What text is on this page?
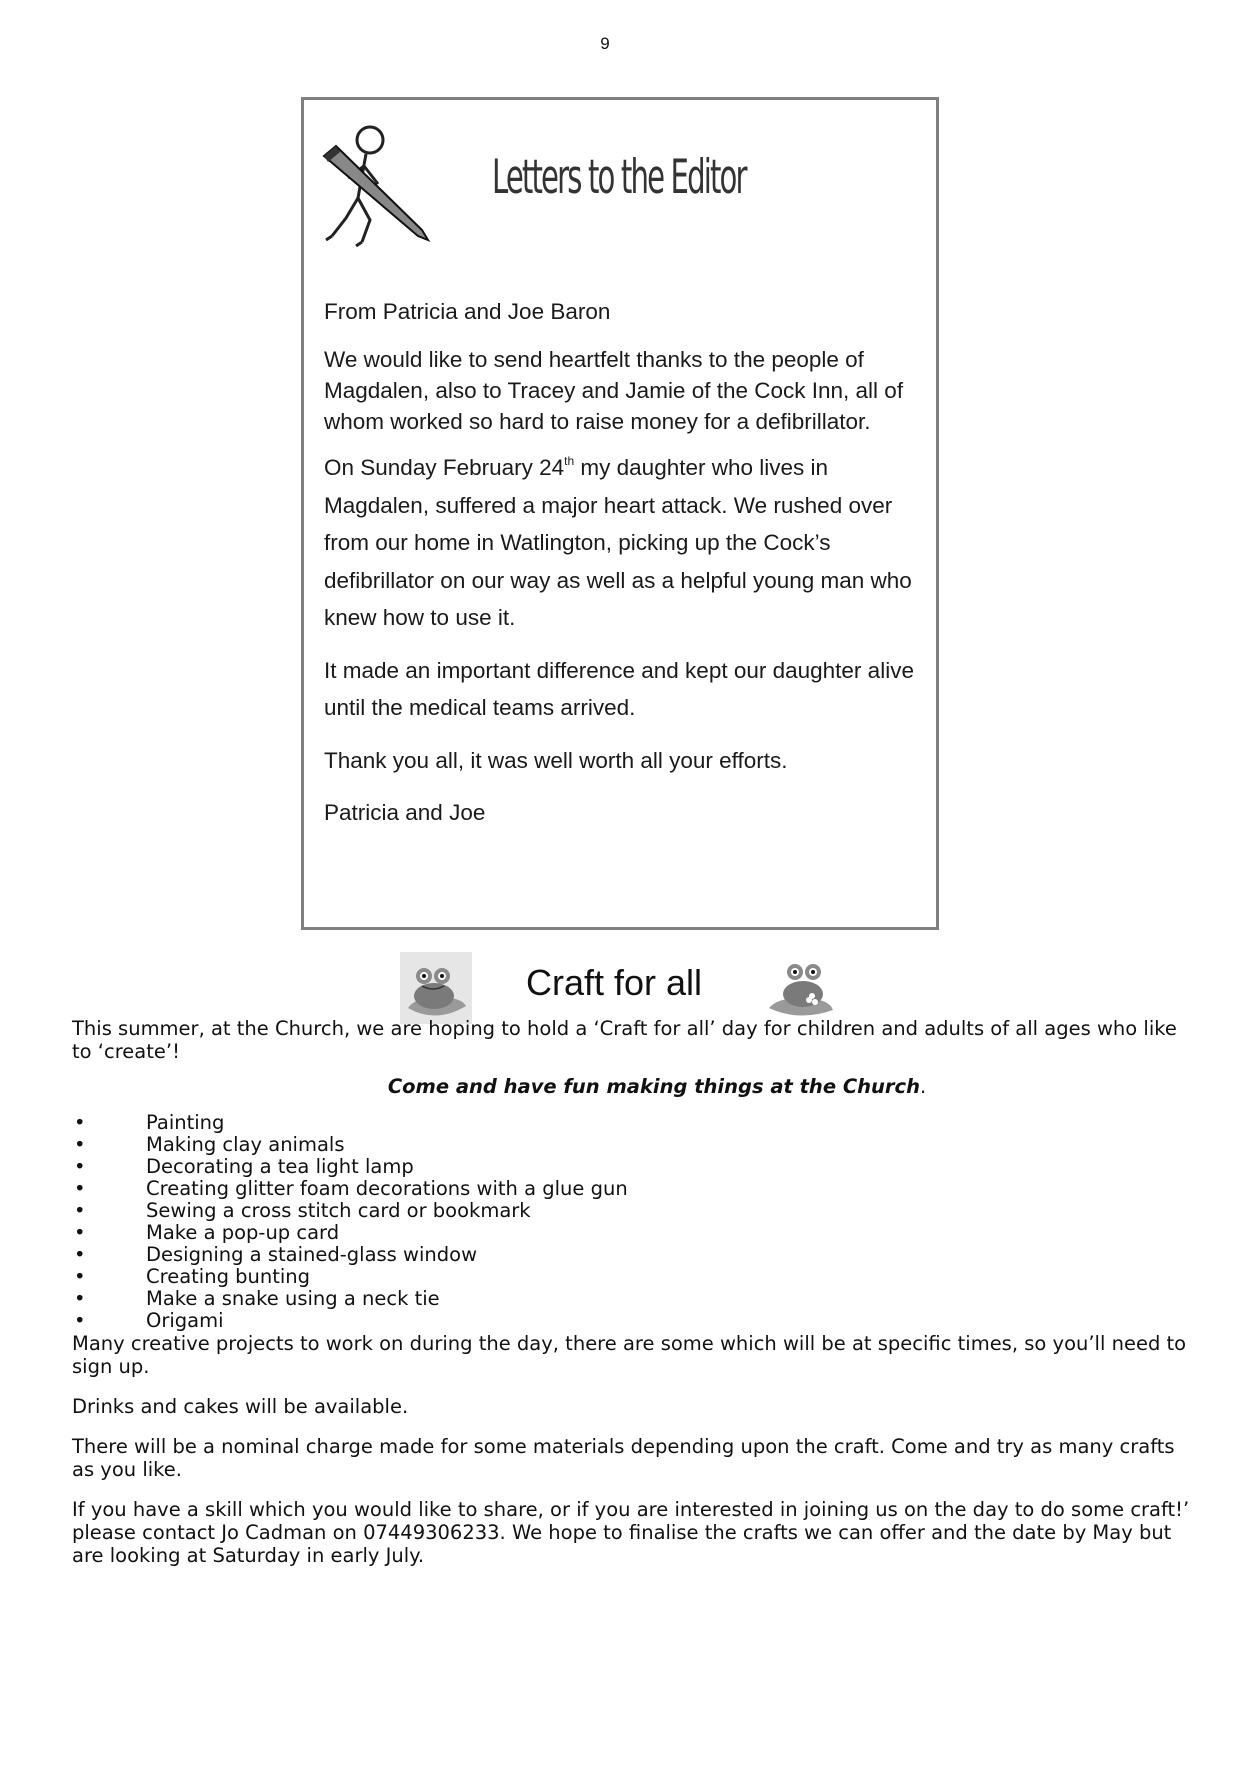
9
Letters to the Editor

From Patricia and Joe Baron

We would like to send heartfelt thanks to the people of Magdalen, also to Tracey and Jamie of the Cock Inn, all of whom worked so hard to raise money for a defibrillator.

On Sunday February 24th my daughter who lives in Magdalen, suffered a major heart attack. We rushed over from our home in Watlington, picking up the Cock’s defibrillator on our way as well as a helpful young man who knew how to use it.

It made an important difference and kept our daughter alive until the medical teams arrived.

Thank you all, it was well worth all your efforts.

Patricia and Joe

Craft for all

This summer, at the Church, we are hoping to hold a ‘Craft for all’ day for children and adults of all ages who like to ‘create’!

Come and have fun making things at the Church.

•	Painting
•	Making clay animals
•	Decorating a tea light lamp
•	Creating glitter foam decorations with a glue gun
•	Sewing a cross stitch card or bookmark
•	Make a pop-up card
•	Designing a stained-glass window
•	Creating bunting
•	Make a snake using a neck tie
•	Origami

Many creative projects to work on during the day, there are some which will be at specific times, so you’ll need to sign up.

Drinks and cakes will be available.

There will be a nominal charge made for some materials depending upon the craft. Come and try as many crafts as you like.

If you have a skill which you would like to share, or if you are interested in joining us on the day to do some craft!’ please contact Jo Cadman on 07449306233. We hope to finalise the crafts we can offer and the date by May but are looking at Saturday in early July.
